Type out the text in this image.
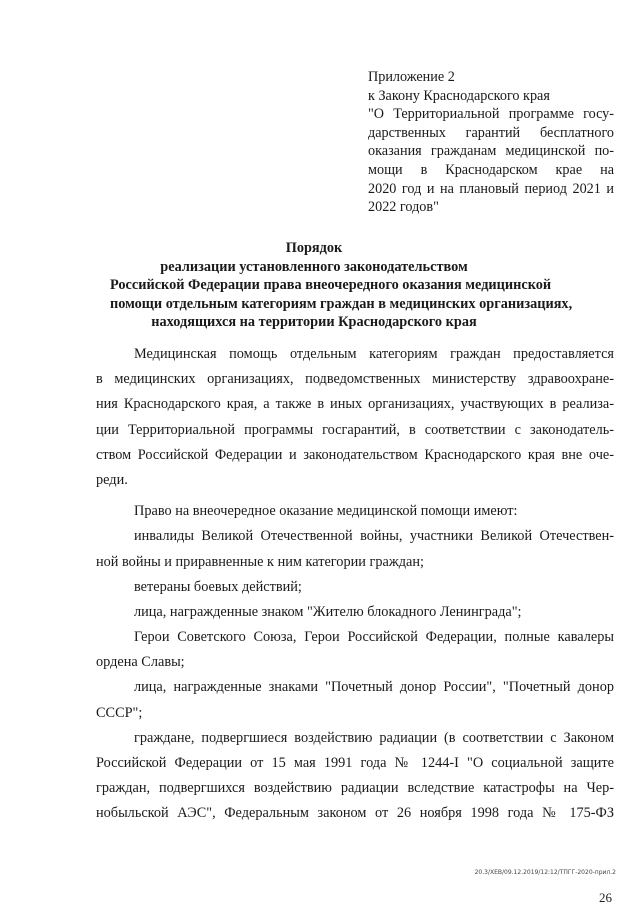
Приложение 2
к Закону Краснодарского края
"О Территориальной программе госу-
дарственных гарантий бесплатного
оказания гражданам медицинской по-
мощи в Краснодарском крае на
2020 год и на плановый период 2021 и
2022 годов"
Порядок
реализации установленного законодательством
Российской Федерации права внеочередного оказания медицинской
помощи отдельным категориям граждан в медицинских организациях,
находящихся на территории Краснодарского края
Медицинская помощь отдельным категориям граждан предоставляется
в медицинских организациях, подведомственных министерству здравоохране-
ния Краснодарского края, а также в иных организациях, участвующих в реализа-
ции Территориальной программы госгарантий, в соответствии с законодатель-
ством Российской Федерации и законодательством Краснодарского края вне оче-
реди.
Право на внеочередное оказание медицинской помощи имеют:
инвалиды Великой Отечественной войны, участники Великой Отечествен-
ной войны и приравненные к ним категории граждан;
ветераны боевых действий;
лица, награжденные знаком "Жителю блокадного Ленинграда";
Герои Советского Союза, Герои Российской Федерации, полные кавалеры
ордена Славы;
лица, награжденные знаками "Почетный донор России", "Почетный донор
СССР";
граждане, подвергшиеся воздействию радиации (в соответствии с Законом
Российской Федерации от 15 мая 1991 года № 1244-I "О социальной защите
граждан, подвергшихся воздействию радиации вследствие катастрофы на Чер-
нобыльской АЭС", Федеральным законом от 26 ноября 1998 года № 175-ФЗ
20.3/ХЕВ/09.12.2019/12:12/ТПГГ-2020-прил.2
26
